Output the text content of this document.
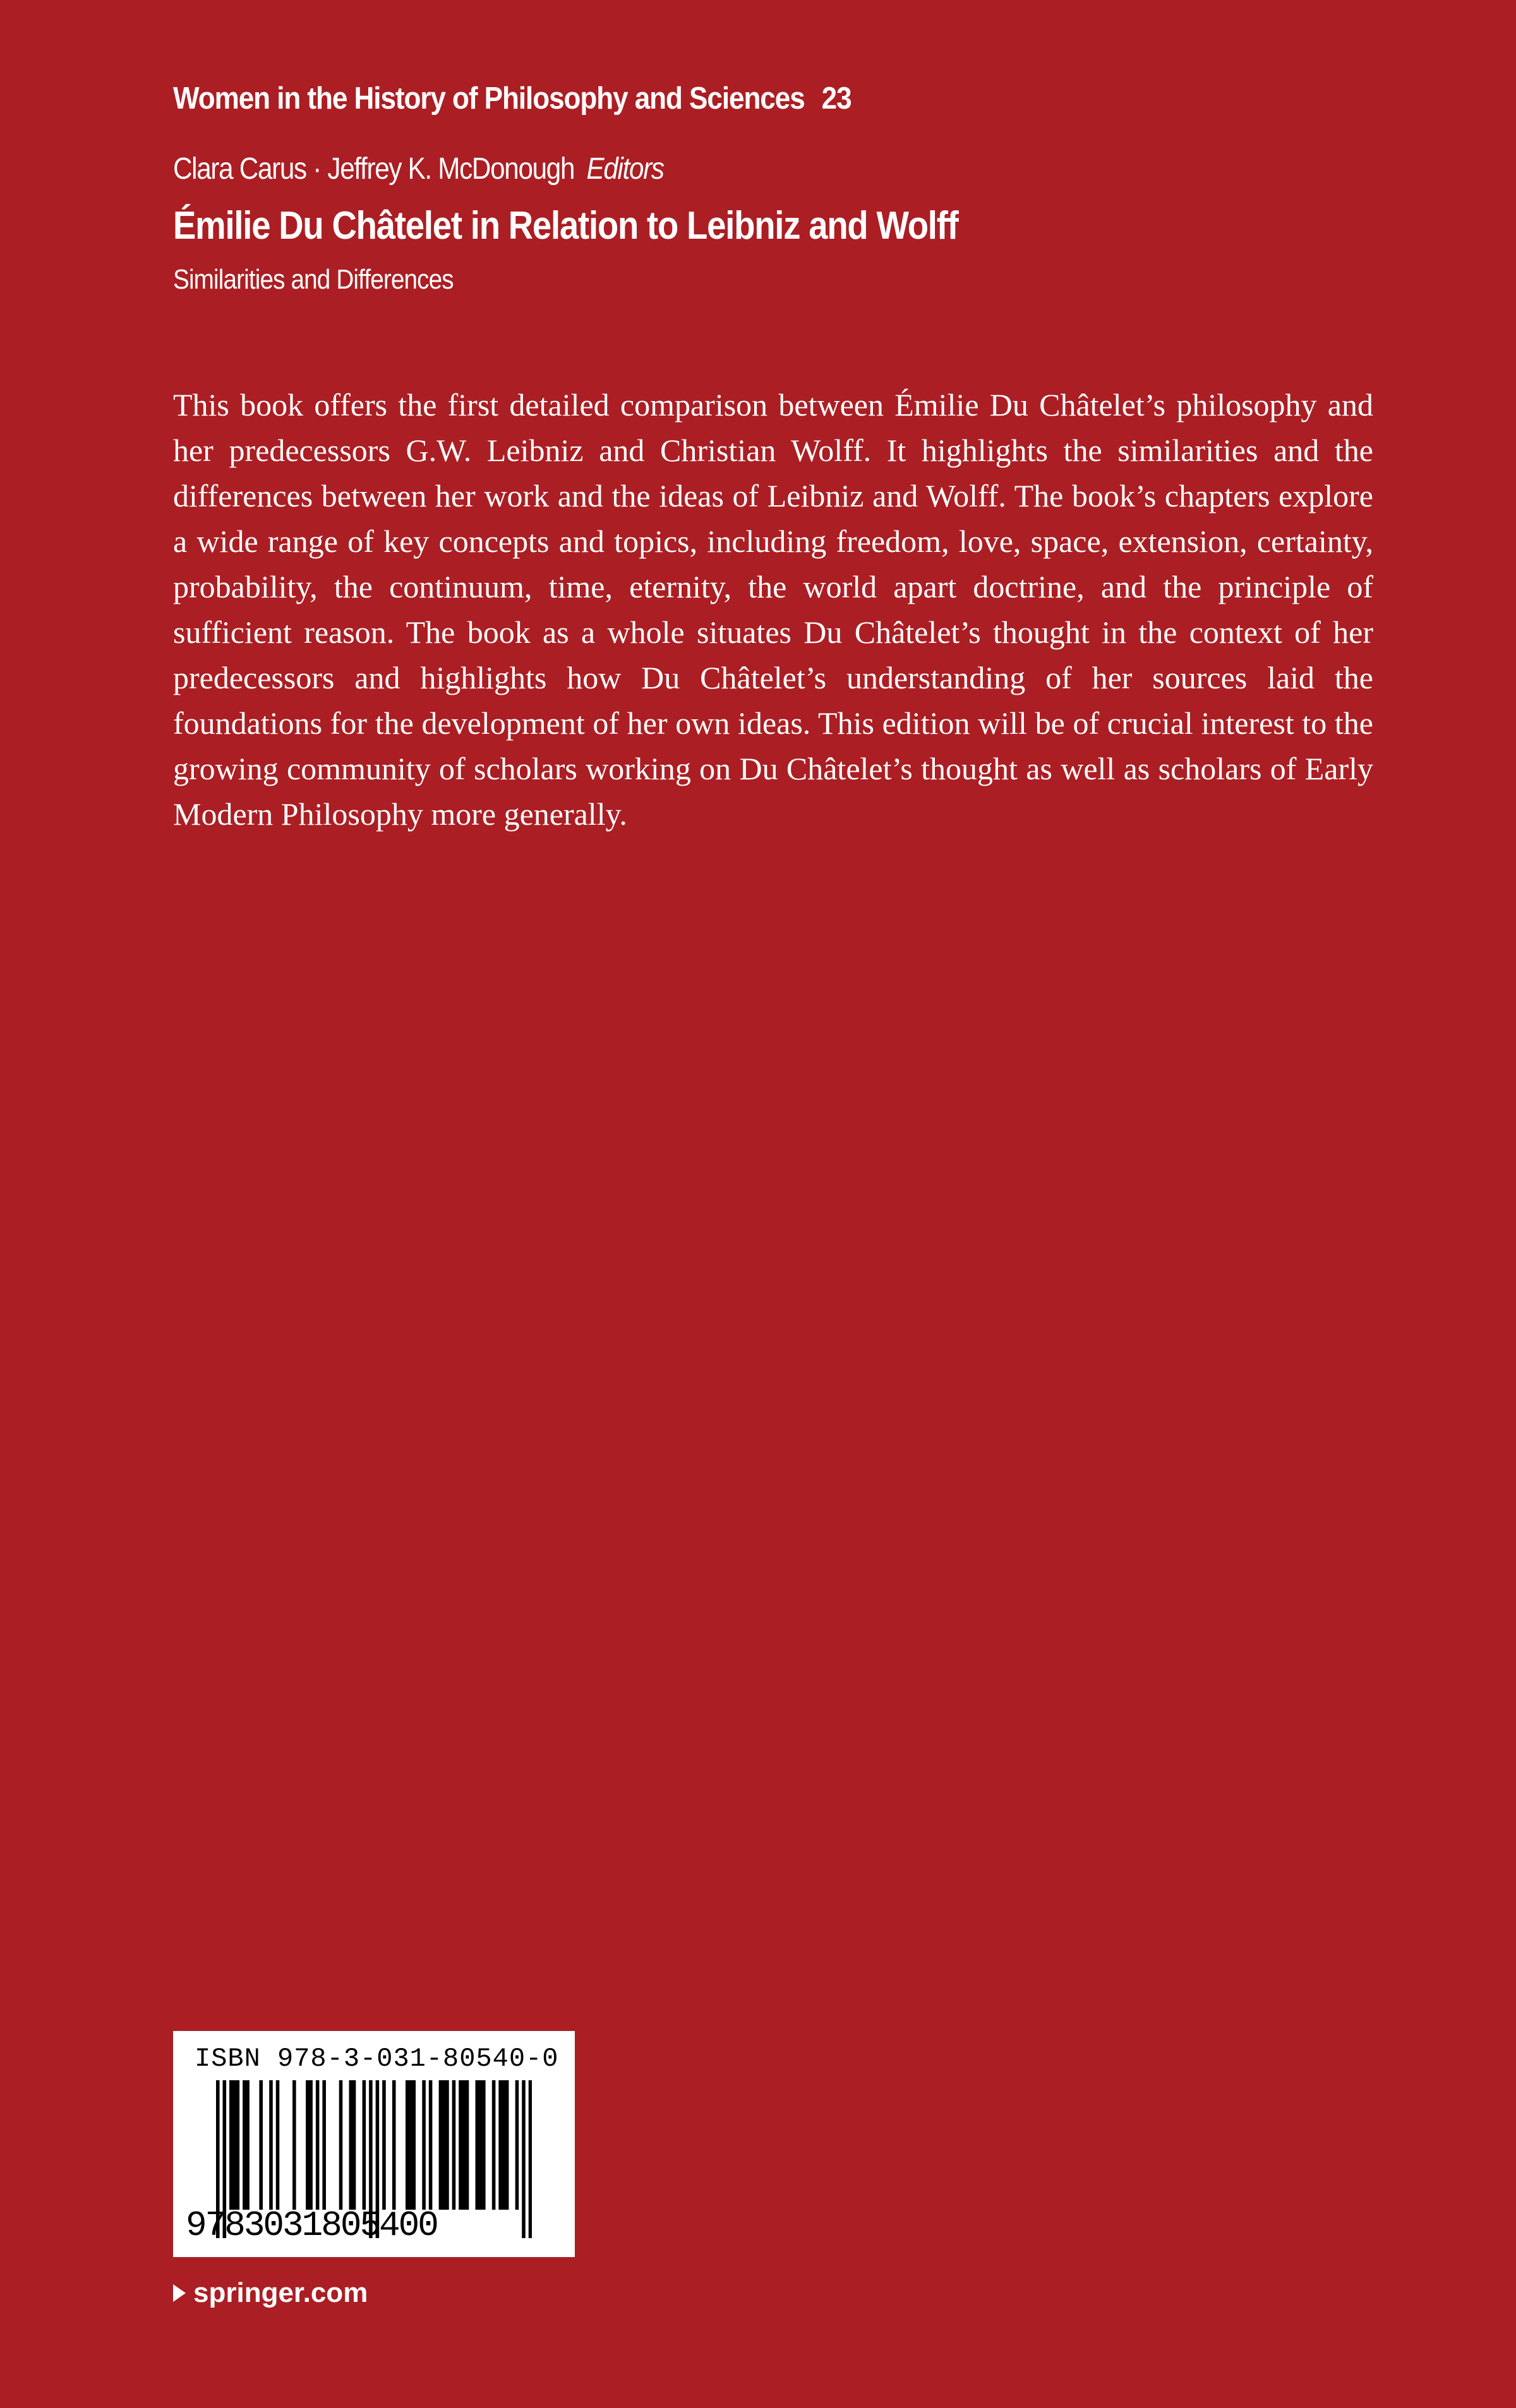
Women in the History of Philosophy and Sciences 23
Clara Carus · Jeffrey K. McDonough Editors
Émilie Du Châtelet in Relation to Leibniz and Wolff
Similarities and Differences
This book offers the first detailed comparison between Émilie Du Châtelet’s philosophy and her predecessors G.W. Leibniz and Christian Wolff. It highlights the similarities and the differences between her work and the ideas of Leibniz and Wolff. The book’s chapters explore a wide range of key concepts and topics, including freedom, love, space, extension, certainty, probability, the continuum, time, eternity, the world apart doctrine, and the principle of sufficient reason. The book as a whole situates Du Châtelet’s thought in the context of her predecessors and highlights how Du Châtelet’s understanding of her sources laid the foundations for the development of her own ideas. This edition will be of crucial interest to the growing community of scholars working on Du Châtelet’s thought as well as scholars of Early Modern Philosophy more generally.
ISBN 978-3-031-80540-0
9783031805400
springer.com
